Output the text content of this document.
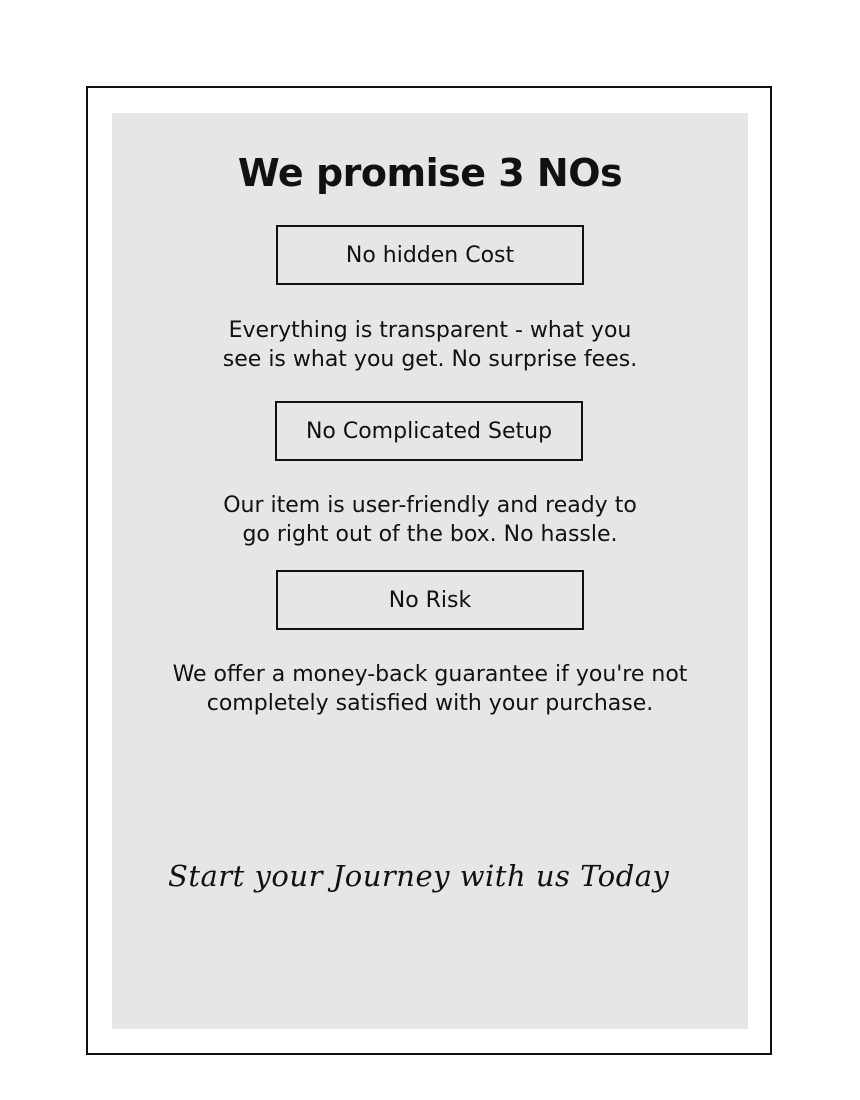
We promise 3 NOs
No hidden Cost

Everything is transparent - what you
see is what you get. No surprise fees.

No Complicated Setup

Our item is user-friendly and ready to
go right out of the box. No hassle.

No Risk

We offer a money-back guarantee if you're not
completely satisfied with your purchase.

Start your Journey with us Today
